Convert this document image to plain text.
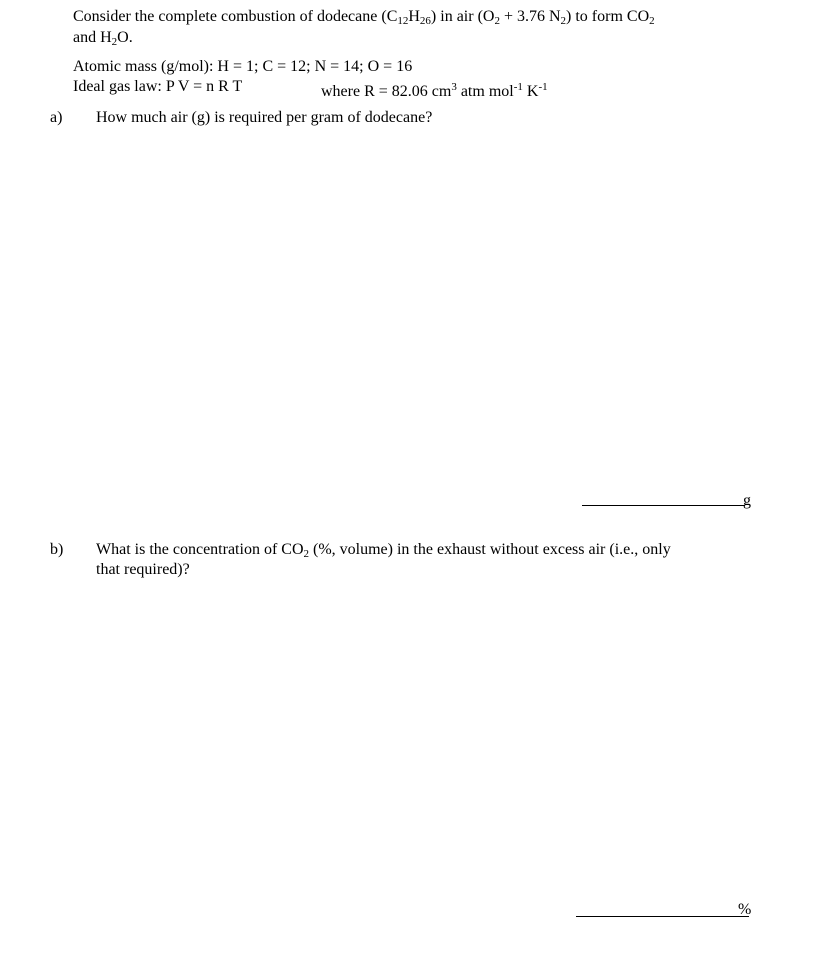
Consider the complete combustion of dodecane $(C_{12}H_{26})$ in air ($O_2 + 3.76$ $N_2$) to form $CO_2$
and $H_2O$.
Atomic mass (g/mol): H = 1; C = 12; N = 14; O = 16
Ideal gas law: P V = n R T	where R = 82.06 $cm^3$ atm mol$^{-1}$ $K^{-1}$
a) How much air (g) is required per gram of dodecane?
g
b) What is the concentration of $CO_2$ (%, volume) in the exhaust without excess air (i.e., only
that required)?
%
